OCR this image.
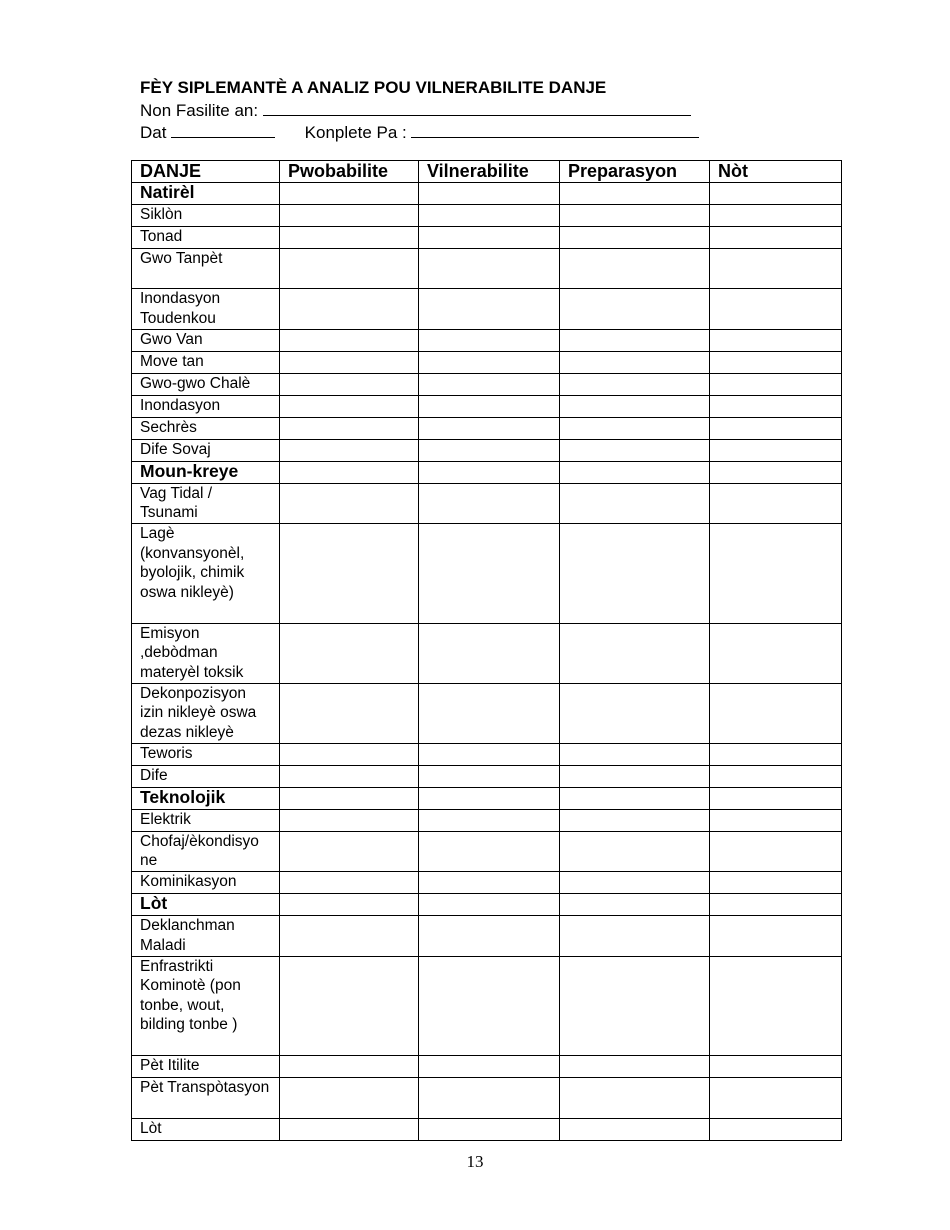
FÈY SIPLEMANTÈ A ANALIZ POU VILNERABILITE DANJE
Non Fasilite an:
Dat	Konplete Pa :
DANJE	Pwobabilite	Vilnerabilite	Preparasyon	Nòt
Natirèl				
Siklòn				
Tonad				
Gwo Tanpèt				
Inondasyon Toudenkou				
Gwo Van				
Move tan				
Gwo-gwo Chalè				
Inondasyon				
Sechrès				
Dife Sovaj				
Moun-kreye				
Vag Tidal / Tsunami				
Lagè (konvansyonèl, byolojik, chimik oswa nikleyè)				
Emisyon ,debòdman materyèl toksik				
Dekonpozisyon izin nikleyè oswa dezas nikleyè				
Teworis				
Dife				
Teknolojik				
Elektrik				
Chofaj/èkondisyo ne				
Kominikasyon				
Lòt				
Deklanchman Maladi				
Enfrastrikti Kominotè (pon tonbe, wout, bilding tonbe )				
Pèt Itilite				
Pèt Transpòtasyon				
Lòt				
13
